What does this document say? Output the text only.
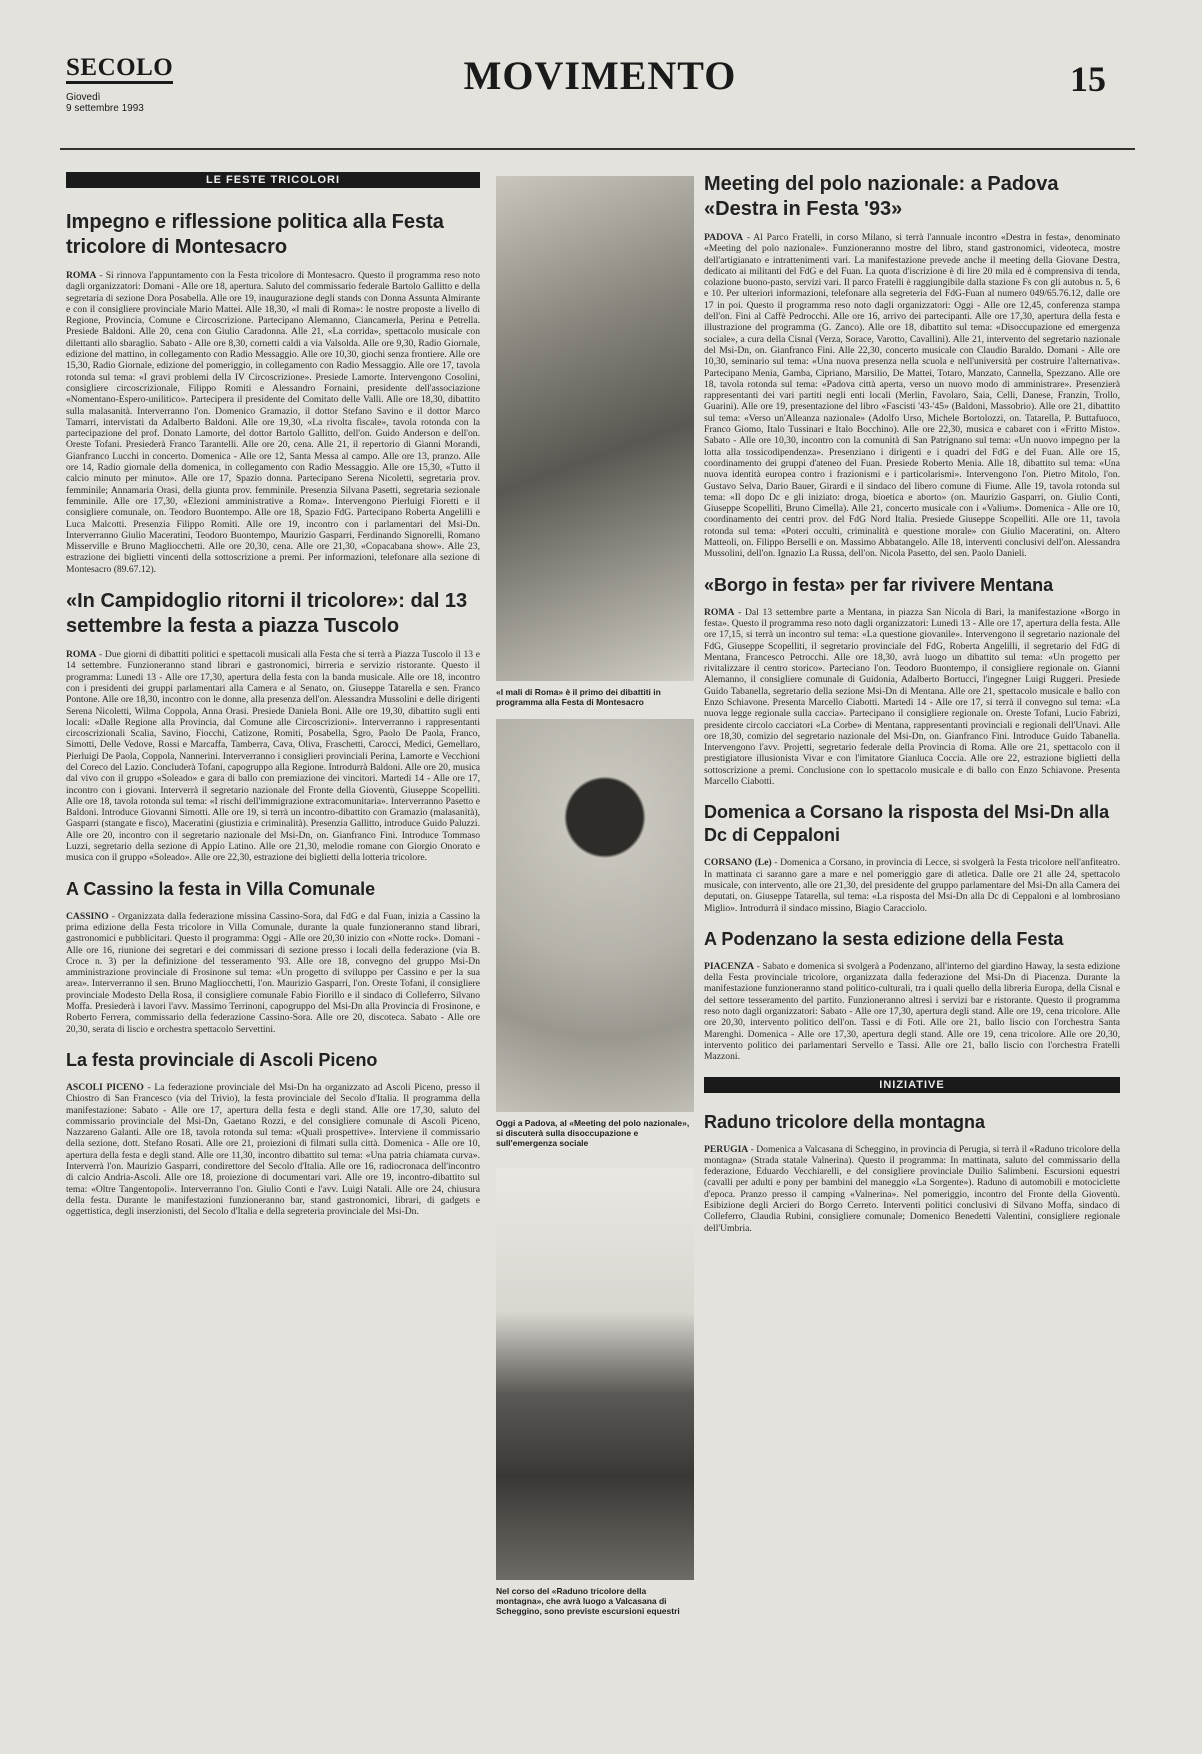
SECOLO
Giovedì
9 settembre 1993
MOVIMENTO	15
LE FESTE TRICOLORI
Impegno e riflessione politica alla Festa tricolore di Montesacro

ROMA - Si rinnova l'appuntamento con la Festa tricolore di Montesacro. Questo il programma reso noto dagli organizzatori: Domani - Alle ore 18, apertura. Saluto del commissario federale Bartolo Gallitto e della segretaria di sezione Dora Posabella. Alle ore 19, inaugurazione degli stands con Donna Assunta Almirante e con il consigliere provinciale Mario Mattei. Alle 18,30, «I mali di Roma»: le nostre proposte a livello di Regione, Provincia, Comune e Circoscrizione. Partecipano Alemanno, Ciancamerla, Perina e Petrella. Presiede Baldoni. Alle 20, cena con Giulio Caradonna. Alle 21, «La corrida», spettacolo musicale con dilettanti allo sbaraglio. Sabato - Alle ore 8,30, cornetti caldi a via Valsolda. Alle ore 9,30, Radio Giornale, edizione del mattino, in collegamento con Radio Messaggio. Alle ore 10,30, giochi senza frontiere. Alle ore 15,30, Radio Giornale, edizione del pomeriggio, in collegamento con Radio Messaggio. Alle ore 17, tavola rotonda sul tema: «I gravi problemi della IV Circoscrizione». Presiede Lamorte. Intervengono Cosolini, consigliere circoscrizionale, Filippo Romiti e Alessandro Fornaini, presidente dell'associazione «Nomentano-Espero-unilitico». Partecipera il presidente del Comitato delle Valli. Alle ore 18,30, dibattito sulla malasanità. Interverranno l'on. Domenico Gramazio, il dottor Stefano Savino e il dottor Marco Tamarri, intervistati da Adalberto Baldoni. Alle ore 19,30, «La rivolta fiscale», tavola rotonda con la partecipazione del prof. Donato Lamorte, del dottor Bartolo Gallitto, dell'on. Guido Anderson e dell'on. Oreste Tofani. Presiederà Franco Tarantelli. Alle ore 20, cena. Alle 21, il repertorio di Gianni Morandi, Gianfranco Lucchi in concerto. Domenica - Alle ore 12, Santa Messa al campo. Alle ore 13, pranzo. Alle ore 14, Radio giornale della domenica, in collegamento con Radio Messaggio. Alle ore 15,30, «Tutto il calcio minuto per minuto». Alle ore 17, Spazio donna. Partecipano Serena Nicoletti, segretaria prov. femminile; Annamaria Orasi, della giunta prov. femminile. Presenzia Silvana Pasetti, segretaria sezionale femminile. Alle ore 17,30, «Elezioni amministrative a Roma». Intervengono Pierluigi Fioretti e il consigliere comunale, on. Teodoro Buontempo. Alle ore 18, Spazio FdG. Partecipano Roberta Angelilli e Luca Malcotti. Presenzia Filippo Romiti. Alle ore 19, incontro con i parlamentari del Msi-Dn. Interverranno Giulio Maceratini, Teodoro Buontempo, Maurizio Gasparri, Ferdinando Signorelli, Romano Misserville e Bruno Magliocchetti. Alle ore 20,30, cena. Alle ore 21,30, «Copacabana show». Alle 23, estrazione dei biglietti vincenti della sottoscrizione a premi. Per informazioni, telefonare alla sezione di Montesacro (89.67.12).

«In Campidoglio ritorni il tricolore»: dal 13 settembre la festa a piazza Tuscolo

ROMA - Due giorni di dibattiti politici e spettacoli musicali alla Festa che si terrà a Piazza Tuscolo il 13 e 14 settembre. Funzioneranno stand librari e gastronomici, birreria e servizio ristorante. Questo il programma: Lunedì 13 - Alle ore 17,30, apertura della festa con la banda musicale. Alle ore 18, incontro con i presidenti dei gruppi parlamentari alla Camera e al Senato, on. Giuseppe Tatarella e sen. Franco Pontone. Alle ore 18,30, incontro con le donne, alla presenza dell'on. Alessandra Mussolini e delle dirigenti Serena Nicoletti, Wilma Coppola, Anna Orasi. Presiede Daniela Boni. Alle ore 19,30, dibattito sugli enti locali: «Dalle Regione alla Provincia, dal Comune alle Circoscrizioni». Interverranno i rappresentanti circoscrizionali Scalia, Savino, Fiocchi, Catizone, Romiti, Posabella, Sgro, Paolo De Paola, Franco, Simotti, Delle Vedove, Rossi e Marcaffa, Tamberra, Cava, Oliva, Fraschetti, Carocci, Medici, Gemellaro, Pierluigi De Paola, Coppola, Nannerini. Interverranno i consiglieri provinciali Perina, Lamorte e Vecchioni del Coreco del Lazio. Concluderà Tofani, capogruppo alla Regione. Introdurrà Baldoni. Alle ore 20, musica dal vivo con il gruppo «Soleado» e gara di ballo con premiazione dei vincitori. Martedì 14 - Alle ore 17, incontro con i giovani. Interverrà il segretario nazionale del Fronte della Gioventù, Giuseppe Scopelliti. Alle ore 18, tavola rotonda sul tema: «I rischi dell'immigrazione extracomunitaria». Interverranno Pasetto e Baldoni. Introduce Giovanni Simotti. Alle ore 19, si terrà un incontro-dibattito con Gramazio (malasanità), Gasparri (stangate e fisco), Maceratini (giustizia e criminalità). Presenzia Gallitto, introduce Guido Paluzzi. Alle ore 20, incontro con il segretario nazionale del Msi-Dn, on. Gianfranco Fini. Introduce Tommaso Luzzi, segretario della sezione di Appio Latino. Alle ore 21,30, melodie romane con Giorgio Onorato e musica con il gruppo «Soleado». Alle ore 22,30, estrazione dei biglietti della lotteria tricolore.

A Cassino la festa in Villa Comunale

CASSINO - Organizzata dalla federazione missina Cassino-Sora, dal FdG e dal Fuan, inizia a Cassino la prima edizione della Festa tricolore in Villa Comunale, durante la quale funzioneranno stand librari, gastronomici e pubblicitari. Questo il programma: Oggi - Alle ore 20,30 inizio con «Notte rock». Domani - Alle ore 16, riunione dei segretari e dei commissari di sezione presso i locali della federazione (via B. Croce n. 3) per la definizione del tesseramento '93. Alle ore 18, convegno del gruppo Msi-Dn amministrazione provinciale di Frosinone sul tema: «Un progetto di sviluppo per Cassino e per la sua area». Interverranno il sen. Bruno Magliocchetti, l'on. Maurizio Gasparri, l'on. Oreste Tofani, il consigliere provinciale Modesto Della Rosa, il consigliere comunale Fabio Fiorillo e il sindaco di Colleferro, Silvano Moffa. Presiederà i lavori l'avv. Massimo Terrinoni, capogruppo del Msi-Dn alla Provincia di Frosinone, e Roberto Ferrera, commissario della federazione Cassino-Sora. Alle ore 20, discoteca. Sabato - Alle ore 20,30, serata di liscio e orchestra spettacolo Servettini.

La festa provinciale di Ascoli Piceno

ASCOLI PICENO - La federazione provinciale del Msi-Dn ha organizzato ad Ascoli Piceno, presso il Chiostro di San Francesco (via del Trivio), la festa provinciale del Secolo d'Italia. Il programma della manifestazione: Sabato - Alle ore 17, apertura della festa e degli stand. Alle ore 17,30, saluto del commissario provinciale del Msi-Dn, Gaetano Rozzi, e del consigliere comunale di Ascoli Piceno, Nazzareno Galanti. Alle ore 18, tavola rotonda sul tema: «Quali prospettive». Interviene il commissario della sezione, dott. Stefano Rosati. Alle ore 21, proiezioni di filmati sulla città. Domenica - Alle ore 10, apertura della festa e degli stand. Alle ore 11,30, incontro dibattito sul tema: «Una patria chiamata curva». Interverrà l'on. Maurizio Gasparri, condirettore del Secolo d'Italia. Alle ore 16, radiocronaca dell'incontro di calcio Andria-Ascoli. Alle ore 18, proiezione di documentari vari. Alle ore 19, incontro-dibattito sul tema: «Oltre Tangentopoli». Interverranno l'on. Giulio Conti e l'avv. Luigi Natali. Alle ore 24, chiusura della festa. Durante le manifestazioni funzioneranno bar, stand gastronomici, librari, di gadgets e oggettistica, degli inserzionisti, del Secolo d'Italia e della segreteria provinciale del Msi-Dn.

«I mali di Roma» è il primo dei dibattiti in programma alla Festa di Montesacro
Oggi a Padova, al «Meeting del polo nazionale», si discuterà sulla disoccupazione e sull'emergenza sociale
Nel corso del «Raduno tricolore della montagna», che avrà luogo a Valcasana di Scheggino, sono previste escursioni equestri
Meeting del polo nazionale: a Padova «Destra in Festa '93»

PADOVA - Al Parco Fratelli, in corso Milano, si terrà l'annuale incontro «Destra in festa», denominato «Meeting del polo nazionale». Funzioneranno mostre del libro, stand gastronomici, videoteca, mostre dell'artigianato e intrattenimenti vari. La manifestazione prevede anche il meeting della Giovane Destra, dedicato ai militanti del FdG e del Fuan. La quota d'iscrizione è di lire 20 mila ed è comprensiva di tenda, colazione buono-pasto, servizi vari. Il parco Fratelli è raggiungibile dalla stazione Fs con gli autobus n. 5, 6 e 10. Per ulteriori informazioni, telefonare alla segreteria del FdG-Fuan al numero 049/65.76.12, dalle ore 17 in poi. Questo il programma reso noto dagli organizzatori: Oggi - Alle ore 12,45, conferenza stampa dell'on. Fini al Caffè Pedrocchi. Alle ore 16, arrivo dei partecipanti. Alle ore 17,30, apertura della festa e illustrazione del programma (G. Zanco). Alle ore 18, dibattito sul tema: «Disoccupazione ed emergenza sociale», a cura della Cisnal (Verza, Sorace, Varotto, Cavallini). Alle 21, intervento del segretario nazionale del Msi-Dn, on. Gianfranco Fini. Alle 22,30, concerto musicale con Claudio Baraldo. Domani - Alle ore 10,30, seminario sul tema: «Una nuova presenza nella scuola e nell'università per costruire l'alternativa». Partecipano Menia, Gamba, Cipriano, Marsilio, De Mattei, Totaro, Manzato, Cannella, Spezzano. Alle ore 18, tavola rotonda sul tema: «Padova città aperta, verso un nuovo modo di amministrare». Presenzierà rappresentanti dei vari partiti negli enti locali (Merlin, Favolaro, Saia, Celli, Danese, Franzin, Trollo, Guarini). Alle ore 19, presentazione del libro «Fascisti '43-'45» (Baldoni, Massobrio). Alle ore 21, dibattito sul tema: «Verso un'Alleanza nazionale» (Adolfo Urso, Michele Bortolozzi, on. Tatarella, P. Buttafuoco, Franco Giomo, Italo Tussinari e Italo Bocchino). Alle ore 22,30, musica e cabaret con i «Fritto Misto». Sabato - Alle ore 10,30, incontro con la comunità di San Patrignano sul tema: «Un nuovo impegno per la lotta alla tossicodipendenza». Presenziano i dirigenti e i quadri del FdG e del Fuan. Alle ore 15, coordinamento dei gruppi d'ateneo del Fuan. Presiede Roberto Menia. Alle 18, dibattito sul tema: «Una nuova identità europea contro i frazionismi e i particolarismi». Intervengono l'on. Pietro Mitolo, l'on. Gustavo Selva, Dario Bauer, Girardi e il sindaco del libero comune di Fiume. Alle 19, tavola rotonda sul tema: «Il dopo Dc e gli iniziato: droga, bioetica e aborto» (on. Maurizio Gasparri, on. Giulio Conti, Giuseppe Scopelliti, Bruno Cimella). Alle 21, concerto musicale con i «Valium». Domenica - Alle ore 10, coordinamento dei centri prov. del FdG Nord Italia. Presiede Giuseppe Scopelliti. Alle ore 11, tavola rotonda sul tema: «Poteri occulti, criminalità e questione morale» con Giulio Maceratini, on. Altero Matteoli, on. Filippo Berselli e on. Massimo Abbatangelo. Alle 18, interventi conclusivi dell'on. Alessandra Mussolini, dell'on. Ignazio La Russa, dell'on. Nicola Pasetto, del sen. Paolo Danieli.

«Borgo in festa» per far rivivere Mentana

ROMA - Dal 13 settembre parte a Mentana, in piazza San Nicola di Bari, la manifestazione «Borgo in festa». Questo il programma reso noto dagli organizzatori: Lunedì 13 - Alle ore 17, apertura della festa. Alle ore 17,15, si terrà un incontro sul tema: «La questione giovanile». Intervengono il segretario nazionale del FdG, Giuseppe Scopelliti, il segretario provinciale del FdG, Roberta Angelilli, il segretario del FdG di Mentana, Francesco Petrocchi. Alle ore 18,30, avrà luogo un dibattito sul tema: «Un progetto per rivitalizzare il centro storico». Parteciano l'on. Teodoro Buontempo, il consigliere regionale on. Gianni Alemanno, il consigliere comunale di Guidonia, Adalberto Bortucci, l'ingegner Luigi Ruggeri. Presiede Guido Tabanella, segretario della sezione Msi-Dn di Mentana. Alle ore 21, spettacolo musicale e ballo con Enzo Schiavone. Presenta Marcello Ciabotti. Martedì 14 - Alle ore 17, si terrà il convegno sul tema: «La nuova legge regionale sulla caccia». Partecipano il consigliere regionale on. Oreste Tofani, Lucio Fabrizi, presidente circolo cacciatori «La Corbe» di Mentana, rappresentanti provinciali e regionali dell'Unavi. Alle ore 18,30, comizio del segretario nazionale del Msi-Dn, on. Gianfranco Fini. Introduce Guido Tabanella. Intervengono l'avv. Projetti, segretario federale della Provincia di Roma. Alle ore 21, spettacolo con il prestigiatore illusionista Vivar e con l'imitatore Gianluca Coccia. Alle ore 22, estrazione biglietti della sottoscrizione a premi. Conclusione con lo spettacolo musicale e di ballo con Enzo Schiavone. Presenta Marcello Ciabotti.

Domenica a Corsano la risposta del Msi-Dn alla Dc di Ceppaloni

CORSANO (Le) - Domenica a Corsano, in provincia di Lecce, si svolgerà la Festa tricolore nell'anfiteatro. In mattinata ci saranno gare a mare e nel pomeriggio gare di atletica. Dalle ore 21 alle 24, spettacolo musicale, con intervento, alle ore 21,30, del presidente del gruppo parlamentare del Msi-Dn alla Camera dei deputati, on. Giuseppe Tatarella, sul tema: «La risposta del Msi-Dn alla Dc di Ceppaloni e al lombrosiano Miglio». Introdurrà il sindaco missino, Biagio Caracciolo.

A Podenzano la sesta edizione della Festa

PIACENZA - Sabato e domenica si svolgerà a Podenzano, all'interno del giardino Haway, la sesta edizione della Festa provinciale tricolore, organizzata dalla federazione del Msi-Dn di Piacenza. Durante la manifestazione funzioneranno stand politico-culturali, tra i quali quello della libreria Europa, della Cisnal e del settore tesseramento del partito. Funzioneranno altresì i servizi bar e ristorante. Questo il programma reso noto dagli organizzatori: Sabato - Alle ore 17,30, apertura degli stand. Alle ore 19, cena tricolore. Alle ore 20,30, intervento politico dell'on. Tassi e di Foti. Alle ore 21, ballo liscio con l'orchestra Santa Marenghi. Domenica - Alle ore 17,30, apertura degli stand. Alle ore 19, cena tricolore. Alle ore 20,30, intervento politico dei parlamentari Servello e Tassi. Alle ore 21, ballo liscio con l'orchestra Fratelli Mazzoni.

INIZIATIVE
Raduno tricolore della montagna

PERUGIA - Domenica a Valcasana di Scheggino, in provincia di Perugia, si terrà il «Raduno tricolore della montagna» (Strada statale Valnerina). Questo il programma: In mattinata, saluto del commissario della federazione, Eduardo Vecchiarelli, e del consigliere provinciale Duilio Salimbeni. Escursioni equestri (cavalli per adulti e pony per bambini del maneggio «La Sorgente»). Raduno di automobili e motociclette d'epoca. Pranzo presso il camping «Valnerina». Nel pomeriggio, incontro del Fronte della Gioventù. Esibizione degli Arcieri do Borgo Cerreto. Interventi politici conclusivi di Silvano Moffa, sindaco di Colleferro, Claudia Rubini, consigliere comunale; Domenico Benedetti Valentini, consigliere regionale dell'Umbria.
